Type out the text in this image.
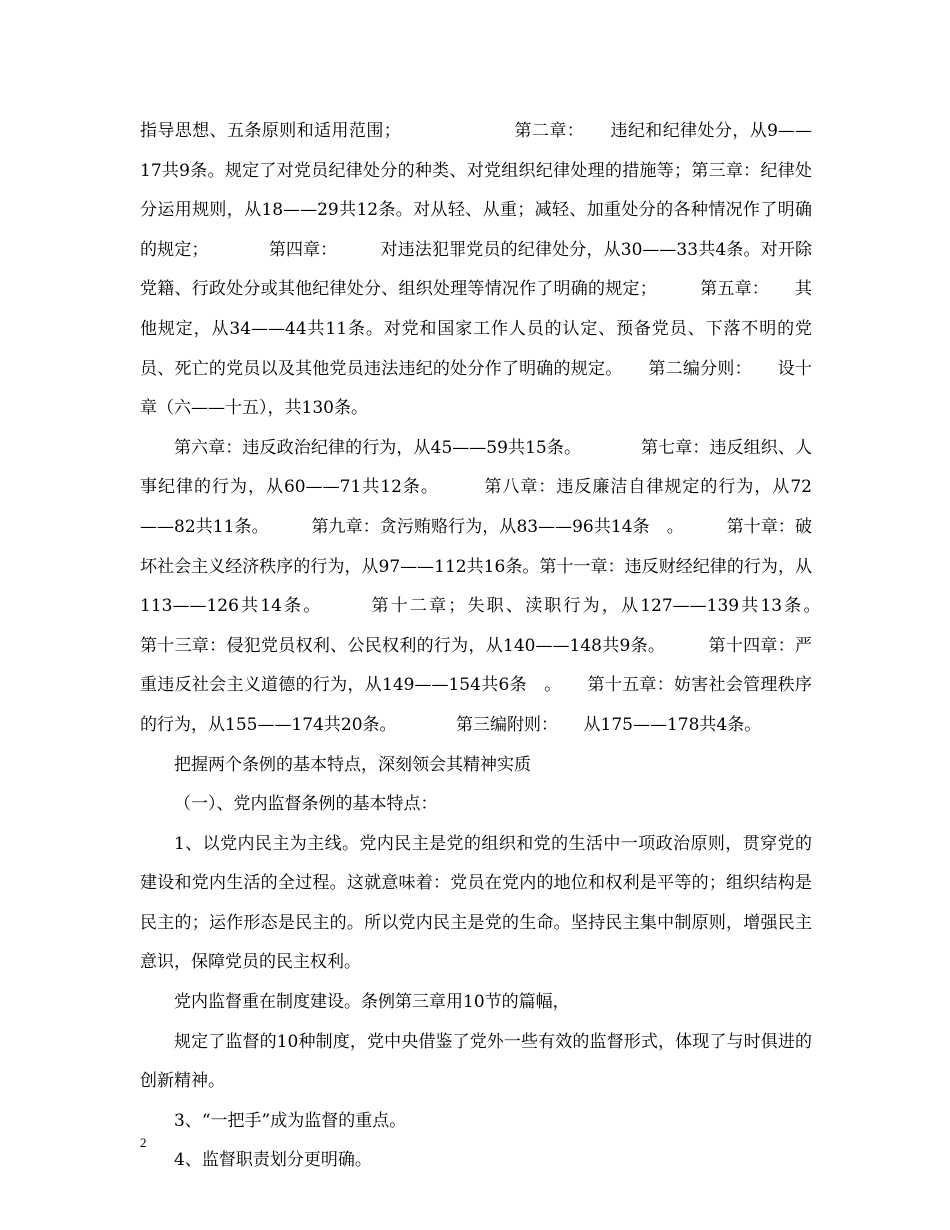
指导思想、五条原则和适用范围；　　　　　　　第二章：　　违纪和纪律处分，从9——17共9条。规定了对党员纪律处分的种类、对党组织纪律处理的措施等；第三章：纪律处分运用规则，从18——29共12条。对从轻、从重；减轻、加重处分的各种情况作了明确的规定；　　　　第四章：　　　对违法犯罪党员的纪律处分，从30——33共4条。对开除党籍、行政处分或其他纪律处分、组织处理等情况作了明确的规定；　　　第五章：　　其他规定，从34——44共11条。对党和国家工作人员的认定、预备党员、下落不明的党员、死亡的党员以及其他党员违法违纪的处分作了明确的规定。　　第二编分则：　　设十章（六——十五），共130条。

第六章：违反政治纪律的行为，从45——59共15条。　　　　第七章：违反组织、人事纪律的行为，从60——71共12条。　　　第八章：违反廉洁自律规定的行为，从72——82共11条。　　　第九章：贪污贿赂行为，从83——96共14条　。　　　第十章：破坏社会主义经济秩序的行为，从97——112共16条。第十一章：违反财经纪律的行为，从113——126共14条。　　　第十二章；失职、渎职行为，从127——139共13条。　　　　第十三章：侵犯党员权利、公民权利的行为，从140——148共9条。　　　第十四章：严重违反社会主义道德的行为，从149——154共6条　。　　第十五章：妨害社会管理秩序的行为，从155——174共20条。　　　　第三编附则：　　从175——178共4条。

把握两个条例的基本特点，深刻领会其精神实质

（一）、党内监督条例的基本特点：

1、以党内民主为主线。党内民主是党的组织和党的生活中一项政治原则，贯穿党的建设和党内生活的全过程。这就意味着：党员在党内的地位和权利是平等的；组织结构是民主的；运作形态是民主的。所以党内民主是党的生命。坚持民主集中制原则，增强民主意识，保障党员的民主权利。

党内监督重在制度建设。条例第三章用10节的篇幅，

规定了监督的10种制度，党中央借鉴了党外一些有效的监督形式，体现了与时俱进的创新精神。

3、“一把手”成为监督的重点。

4、监督职责划分更明确。

2
